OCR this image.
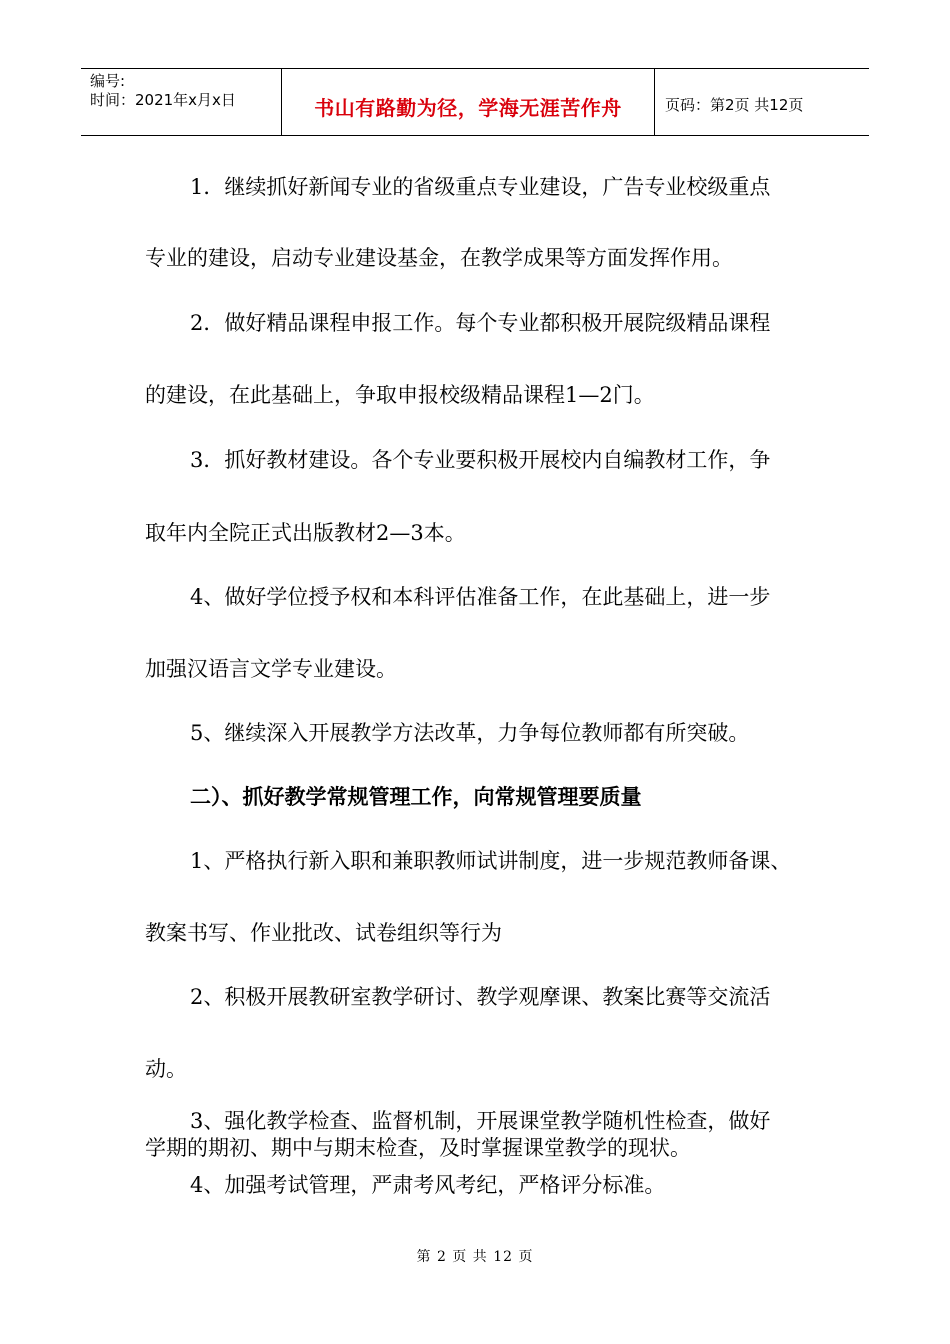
编号:
时间：2021年x月x日	书山有路勤为径，学海无涯苦作舟	页码：第2页 共12页
1．继续抓好新闻专业的省级重点专业建设，广告专业校级重点
专业的建设，启动专业建设基金，在教学成果等方面发挥作用。
2．做好精品课程申报工作。每个专业都积极开展院级精品课程
的建设，在此基础上，争取申报校级精品课程1—2门。
3．抓好教材建设。各个专业要积极开展校内自编教材工作，争
取年内全院正式出版教材2—3本。
4、做好学位授予权和本科评估准备工作，在此基础上，进一步
加强汉语言文学专业建设。
5、继续深入开展教学方法改革，力争每位教师都有所突破。
二）、抓好教学常规管理工作，向常规管理要质量
1、严格执行新入职和兼职教师试讲制度，进一步规范教师备课、
教案书写、作业批改、试卷组织等行为
2、积极开展教研室教学研讨、教学观摩课、教案比赛等交流活
动。
3、强化教学检查、监督机制，开展课堂教学随机性检查，做好
学期的期初、期中与期末检查，及时掌握课堂教学的现状。
4、加强考试管理，严肃考风考纪，严格评分标准。
第 2 页 共 12 页
